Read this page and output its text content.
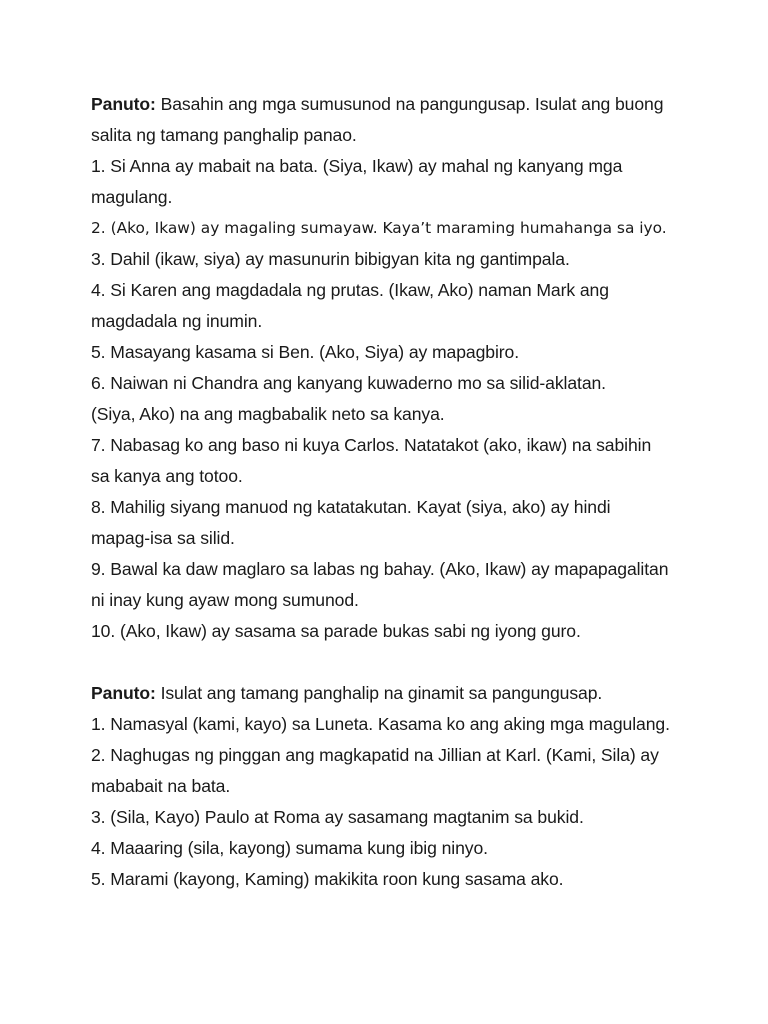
Panuto: Basahin ang mga sumusunod na pangungusap. Isulat ang buong
salita ng tamang panghalip panao.
1. Si Anna ay mabait na bata. (Siya, Ikaw) ay mahal ng kanyang mga
magulang.
2. (Ako, Ikaw) ay magaling sumayaw. Kaya’t maraming humahanga sa iyo.
3. Dahil (ikaw, siya) ay masunurin bibigyan kita ng gantimpala.
4. Si Karen ang magdadala ng prutas. (Ikaw, Ako) naman Mark ang
magdadala ng inumin.
5. Masayang kasama si Ben. (Ako, Siya) ay mapagbiro.
6. Naiwan ni Chandra ang kanyang kuwaderno mo sa silid-aklatan.
(Siya, Ako) na ang magbabalik neto sa kanya.
7. Nabasag ko ang baso ni kuya Carlos. Natatakot (ako, ikaw) na sabihin
sa kanya ang totoo.
8. Mahilig siyang manuod ng katatakutan. Kayat (siya, ako) ay hindi
mapag-isa sa silid.
9. Bawal ka daw maglaro sa labas ng bahay. (Ako, Ikaw) ay mapapagalitan
ni inay kung ayaw mong sumunod.
10. (Ako, Ikaw) ay sasama sa parade bukas sabi ng iyong guro.
Panuto: Isulat ang tamang panghalip na ginamit sa pangungusap.
1. Namasyal (kami, kayo) sa Luneta. Kasama ko ang aking mga magulang.
2. Naghugas ng pinggan ang magkapatid na Jillian at Karl. (Kami, Sila) ay
mababait na bata.
3. (Sila, Kayo) Paulo at Roma ay sasamang magtanim sa bukid.
4. Maaaring (sila, kayong) sumama kung ibig ninyo.
5. Marami (kayong, Kaming) makikita roon kung sasama ako.
